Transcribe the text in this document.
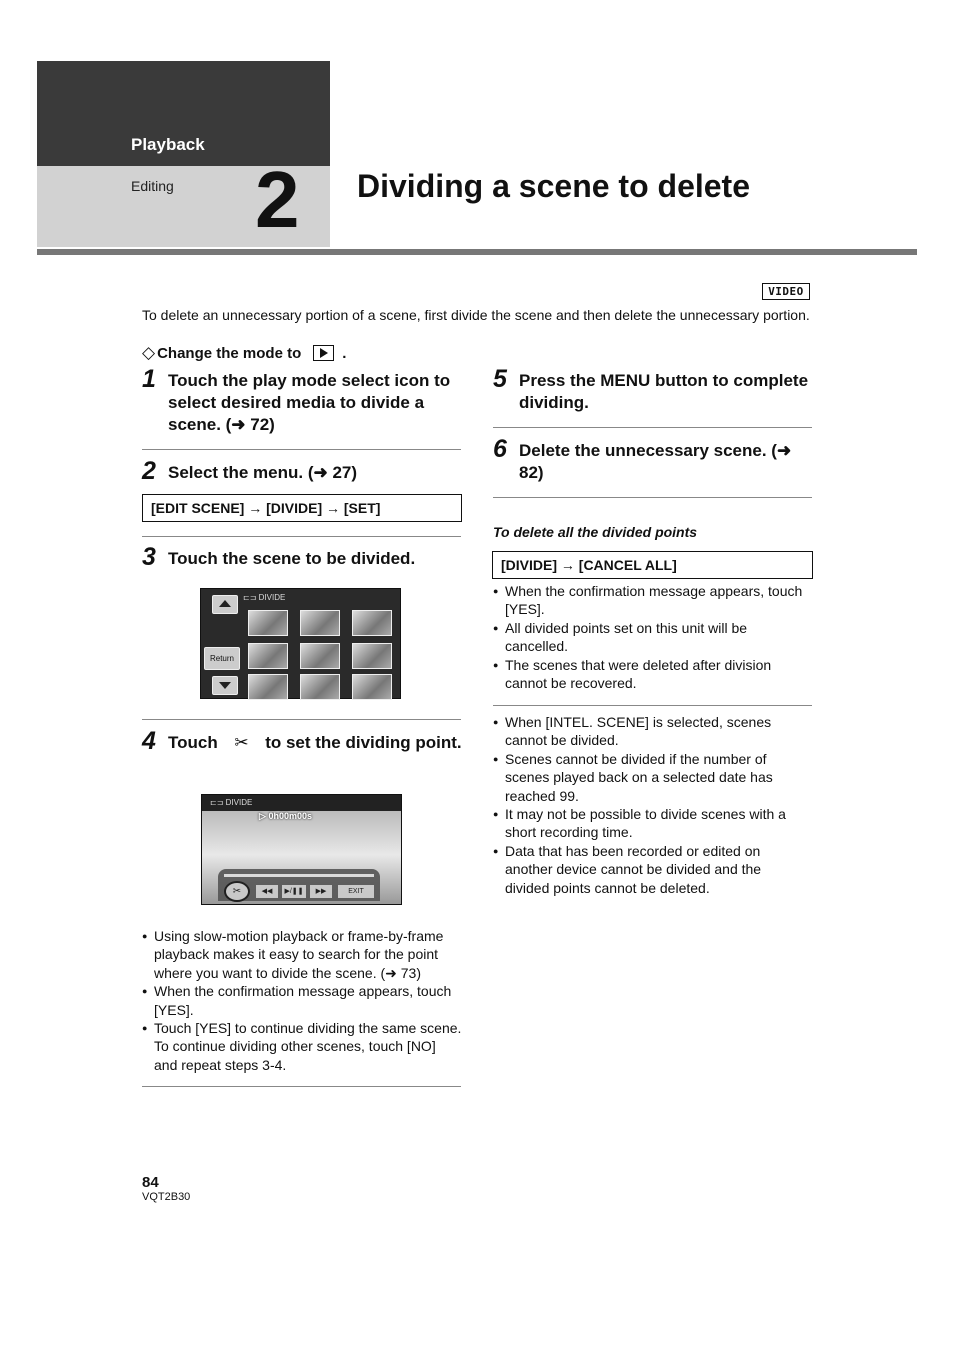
Playback
Editing 2 Dividing a scene to delete
VIDEO
To delete an unnecessary portion of a scene, first divide the scene and then delete the unnecessary portion.
◇ Change the mode to	.
1 Touch the play mode select icon to select desired media to divide a scene. (➜ 72)
2 Select the menu. (➜ 27)
[EDIT SCENE] → [DIVIDE] → [SET]
3 Touch the scene to be divided.
⊏⊐ DIVIDE
Return
4 Touch ✂ to set the dividing point.
⊏⊐ DIVIDE
▷ 0h00m00s
✂	◀◀	▶/❚❚	▶▶	EXIT
● Using slow-motion playback or frame-by-frame playback makes it easy to search for the point where you want to divide the scene. (➜ 73)
● When the confirmation message appears, touch [YES].
● Touch [YES] to continue dividing the same scene. To continue dividing other scenes, touch [NO] and repeat steps 3-4.
5 Press the MENU button to complete dividing.
6 Delete the unnecessary scene. (➜ 82)
To delete all the divided points
[DIVIDE] → [CANCEL ALL]
● When the confirmation message appears, touch [YES].
● All divided points set on this unit will be cancelled.
● The scenes that were deleted after division cannot be recovered.
● When [INTEL. SCENE] is selected, scenes cannot be divided.
● Scenes cannot be divided if the number of scenes played back on a selected date has reached 99.
● It may not be possible to divide scenes with a short recording time.
● Data that has been recorded or edited on another device cannot be divided and the divided points cannot be deleted.
84
VQT2B30
